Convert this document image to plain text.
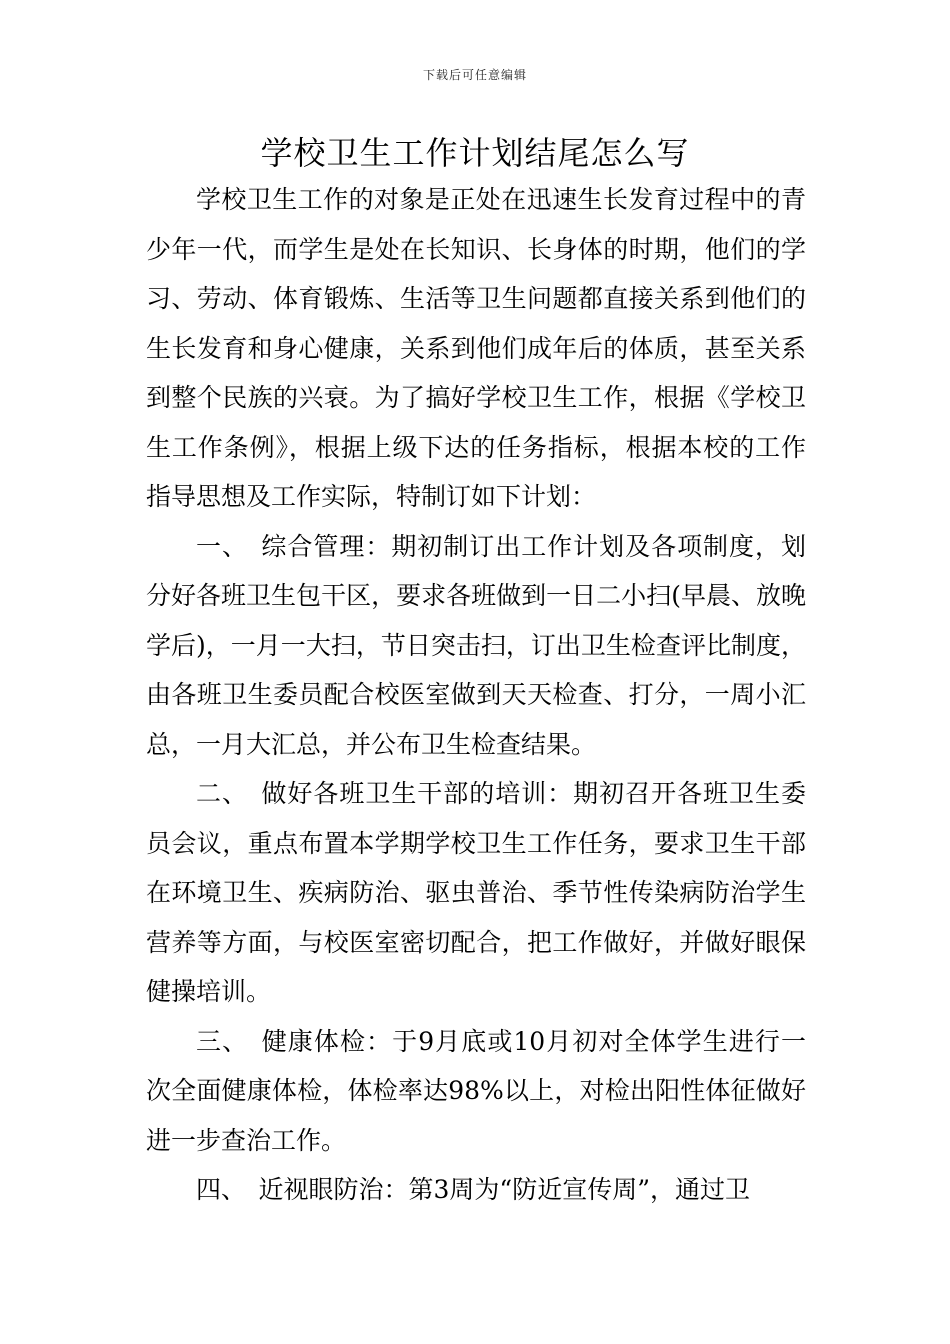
下载后可任意编辑
学校卫生工作计划结尾怎么写

学校卫生工作的对象是正处在迅速生长发育过程中的青少年一代，而学生是处在长知识、长身体的时期，他们的学习、劳动、体育锻炼、生活等卫生问题都直接关系到他们的生长发育和身心健康，关系到他们成年后的体质，甚至关系到整个民族的兴衰。为了搞好学校卫生工作，根据《学校卫生工作条例》，根据上级下达的任务指标，根据本校的工作指导思想及工作实际，特制订如下计划：

一、　综合管理：期初制订出工作计划及各项制度，划分好各班卫生包干区，要求各班做到一日二小扫(早晨、放晚学后)，一月一大扫，节日突击扫，订出卫生检查评比制度，由各班卫生委员配合校医室做到天天检查、打分，一周小汇总，一月大汇总，并公布卫生检查结果。

二、　做好各班卫生干部的培训：期初召开各班卫生委员会议，重点布置本学期学校卫生工作任务，要求卫生干部在环境卫生、疾病防治、驱虫普治、季节性传染病防治学生营养等方面，与校医室密切配合，把工作做好，并做好眼保健操培训。

三、　健康体检：于9月底或10月初对全体学生进行一次全面健康体检，体检率达98%以上，对检出阳性体征做好进一步查治工作。

四、　近视眼防治：第3周为“防近宣传周”，通过卫
